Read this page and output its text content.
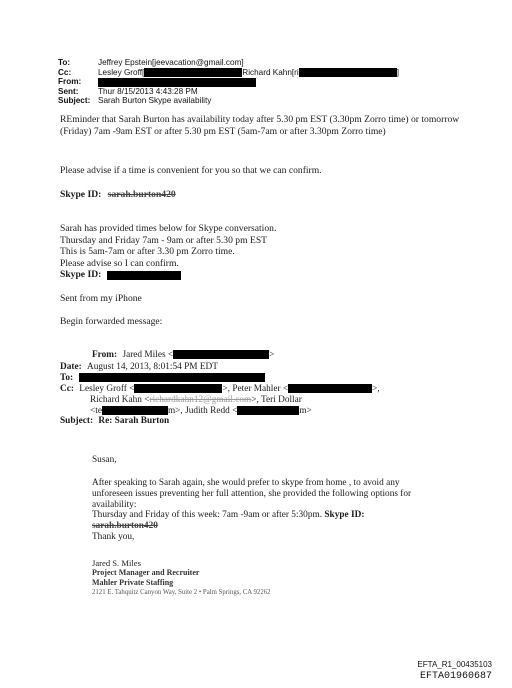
To:	Jeffrey Epstein[jeevacation@gmail.com]
Cc:	Lesley Groff[	Richard Kahn[ri	]
From:
Sent:	Thur 8/15/2013 4:43:28 PM
Subject: Sarah Burton Skype availability

REminder that Sarah Burton has availability today after 5.30 pm EST (3.30pm Zorro time) or tomorrow (Friday) 7am -9am EST or after 5.30 pm EST (5am-7am or after 3.30pm Zorro time)

Please advise if a time is convenient for you so that we can confirm.

Skype ID: sarah.burton420

Sarah has provided times below for Skype conversation.

Thursday and Friday 7am - 9am or after 5.30 pm EST

This is 5am-7am or after 3.30 pm Zorro time.

Please advise so I can confirm.

Skype ID:

Sent from my iPhone

Begin forwarded message:

From: Jared Miles <	>
Date: August 14, 2013, 8:01:54 PM EDT
To:
Cc: Lesley Groff <	>, Peter Mahler <	>,
Richard Kahn <richardkahn12@gmail.com>, Teri Dollar
<te	m>, Judith Redd <	m>
Subject: Re: Sarah Burton

Susan,

After speaking to Sarah again, she would prefer to skype from home , to avoid any unforeseen issues preventing her full attention, she provided the following options for availability:

Thursday and Friday of this week: 7am -9am or after 5:30pm. Skype ID:

sarah.burton420

Thank you,

Jared S. Miles
Project Manager and Recruiter
Mahler Private Staffing
2121 E. Tahquitz Canyon Way, Suite 2 • Palm Springs, CA 92262
EFTA_R1_00435103
EFTA01960687
